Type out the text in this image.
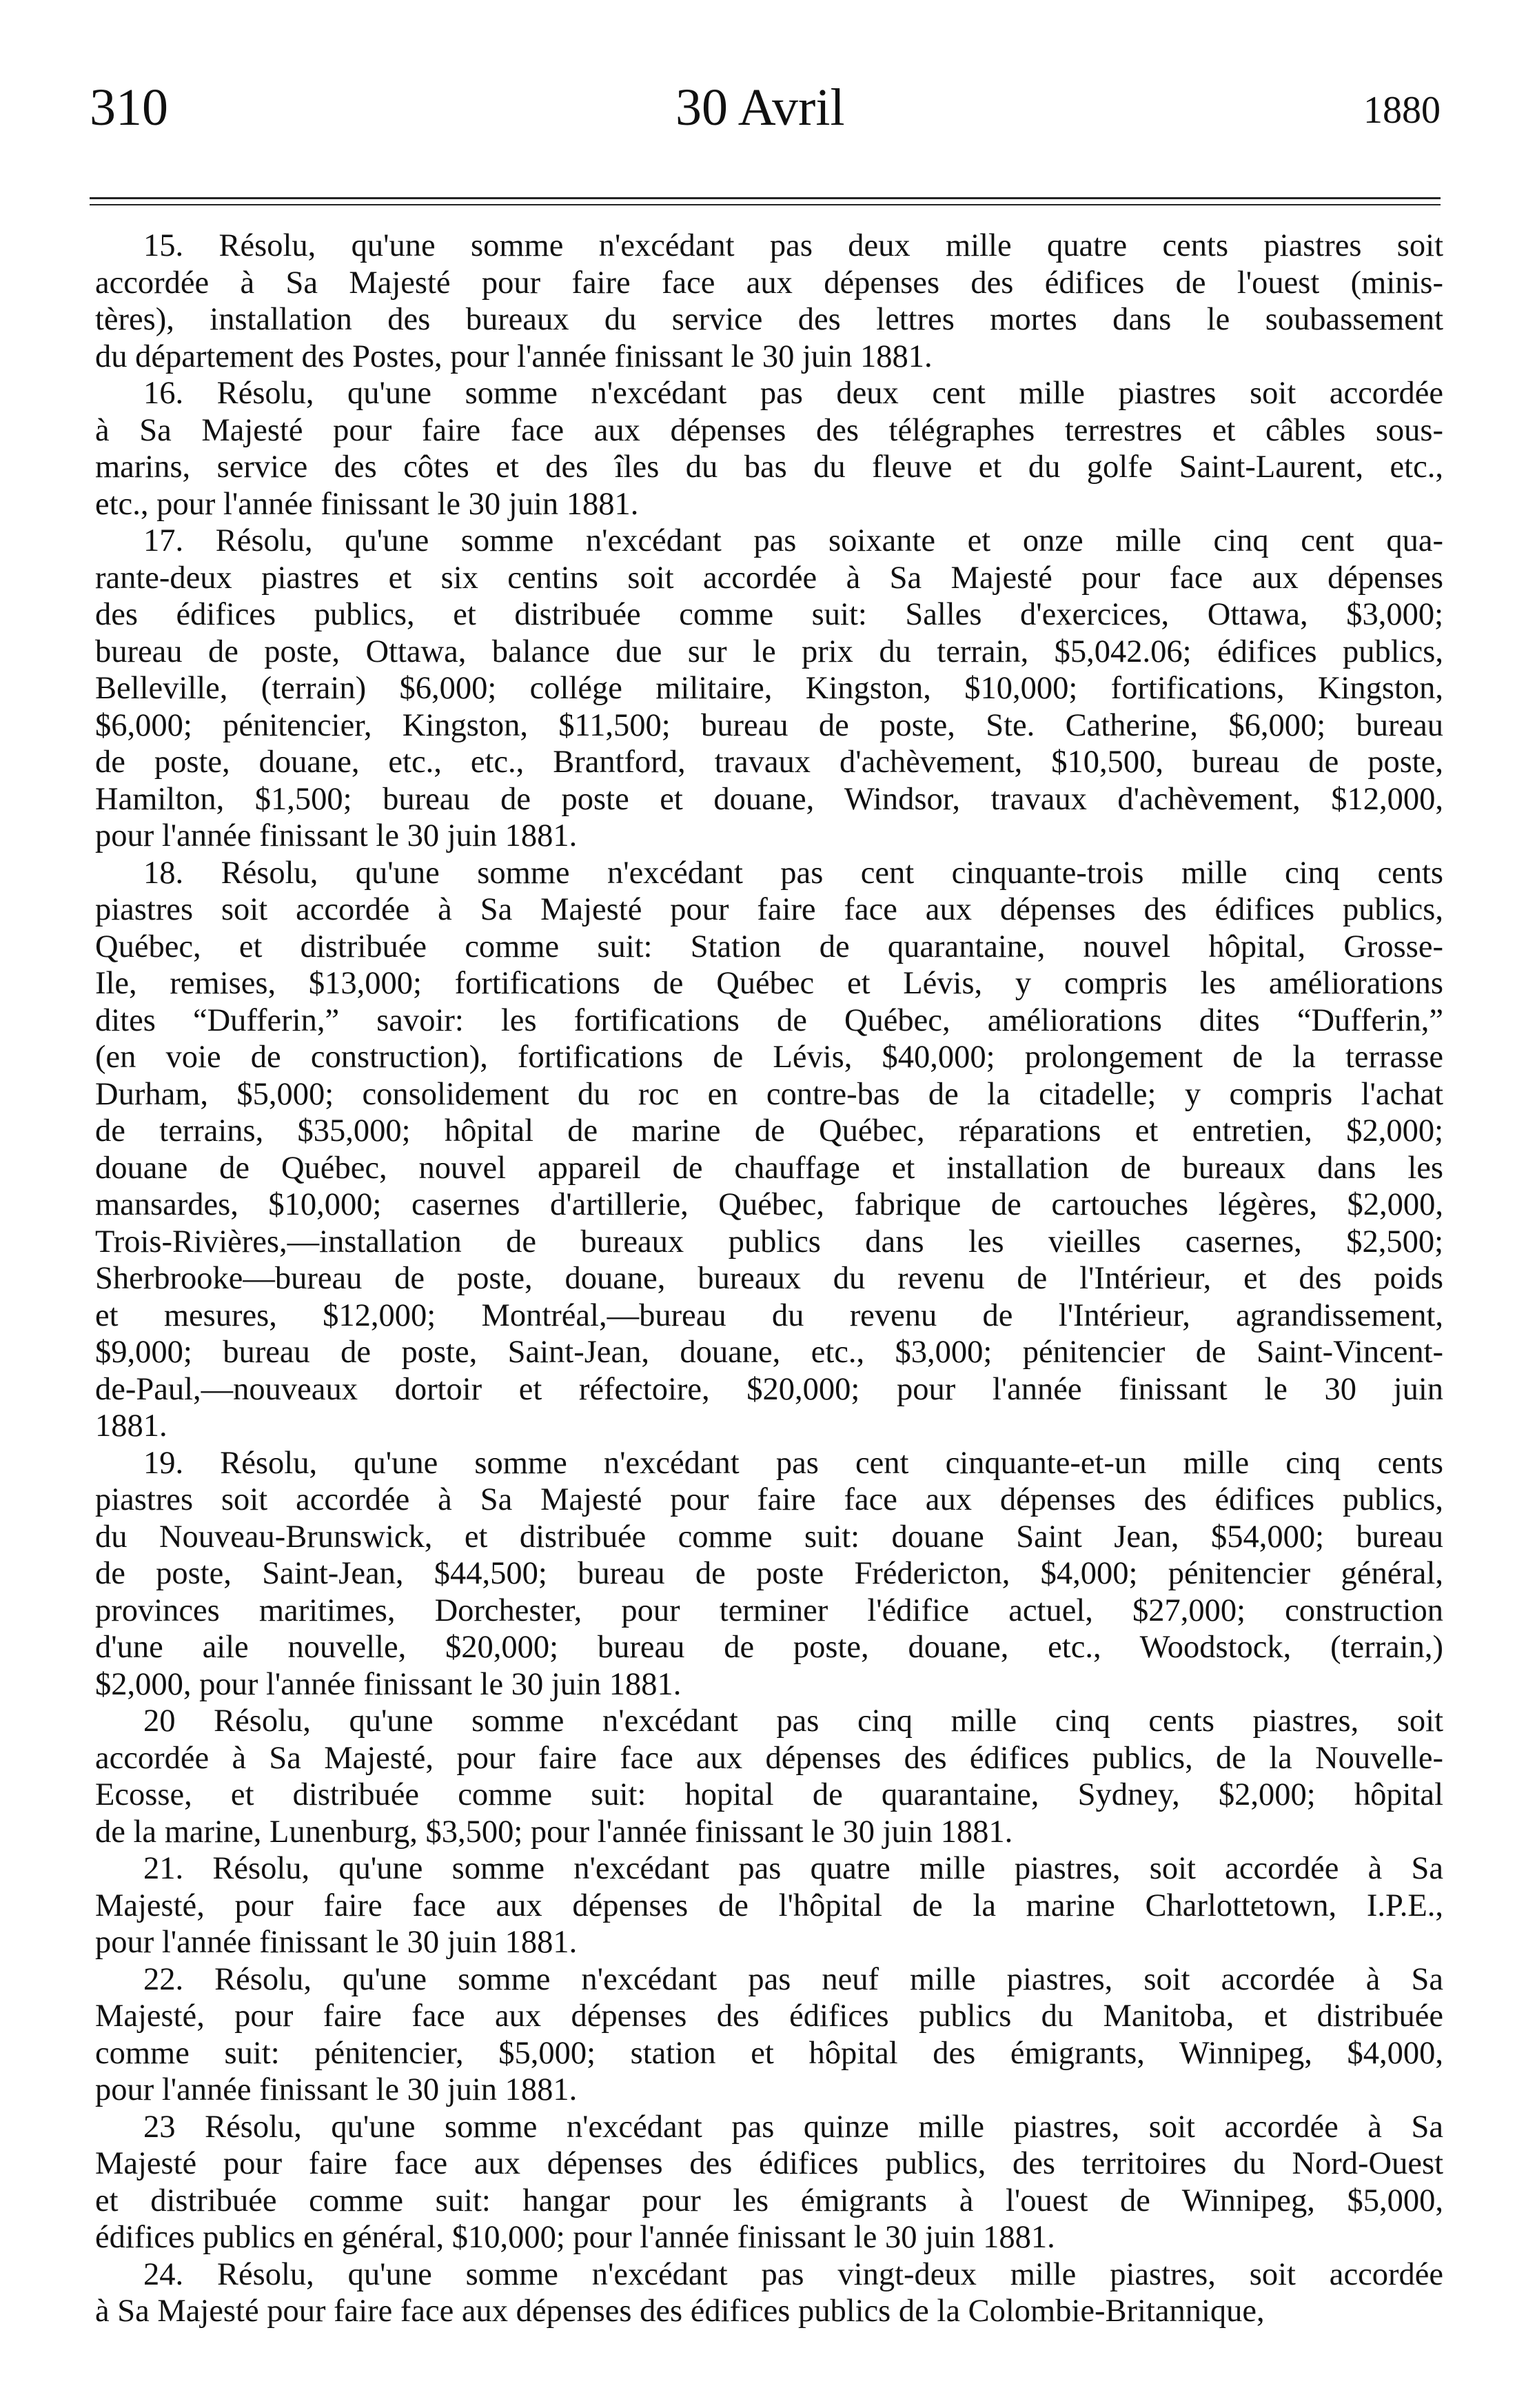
310	30 Avril	1880
15. Résolu, qu'une somme n'excédant pas deux mille quatre cents piastres soit
accordée à Sa Majesté pour faire face aux dépenses des édifices de l'ouest (minis-
tères), installation des bureaux du service des lettres mortes dans le soubassement
du département des Postes, pour l'année finissant le 30 juin 1881.
16. Résolu, qu'une somme n'excédant pas deux cent mille piastres soit accordée
à Sa Majesté pour faire face aux dépenses des télégraphes terrestres et câbles sous-
marins, service des côtes et des îles du bas du fleuve et du golfe Saint-Laurent, etc.,
etc., pour l'année finissant le 30 juin 1881.
17. Résolu, qu'une somme n'excédant pas soixante et onze mille cinq cent qua-
rante-deux piastres et six centins soit accordée à Sa Majesté pour face aux dépenses
des édifices publics, et distribuée comme suit: Salles d'exercices, Ottawa, $3,000;
bureau de poste, Ottawa, balance due sur le prix du terrain, $5,042.06; édifices publics,
Belleville, (terrain) $6,000; collége militaire, Kingston, $10,000; fortifications, Kingston,
$6,000; pénitencier, Kingston, $11,500; bureau de poste, Ste. Catherine, $6,000; bureau
de poste, douane, etc., etc., Brantford, travaux d'achèvement, $10,500, bureau de poste,
Hamilton, $1,500; bureau de poste et douane, Windsor, travaux d'achèvement, $12,000,
pour l'année finissant le 30 juin 1881.
18. Résolu, qu'une somme n'excédant pas cent cinquante-trois mille cinq cents
piastres soit accordée à Sa Majesté pour faire face aux dépenses des édifices publics,
Québec, et distribuée comme suit: Station de quarantaine, nouvel hôpital, Grosse-
Ile, remises, $13,000; fortifications de Québec et Lévis, y compris les améliorations
dites “Dufferin,” savoir: les fortifications de Québec, améliorations dites “Dufferin,”
(en voie de construction), fortifications de Lévis, $40,000; prolongement de la terrasse
Durham, $5,000; consolidement du roc en contre-bas de la citadelle; y compris l'achat
de terrains, $35,000; hôpital de marine de Québec, réparations et entretien, $2,000;
douane de Québec, nouvel appareil de chauffage et installation de bureaux dans les
mansardes, $10,000; casernes d'artillerie, Québec, fabrique de cartouches légères, $2,000,
Trois-Rivières,—installation de bureaux publics dans les vieilles casernes, $2,500;
Sherbrooke—bureau de poste, douane, bureaux du revenu de l'Intérieur, et des poids
et mesures, $12,000; Montréal,—bureau du revenu de l'Intérieur, agrandissement,
$9,000; bureau de poste, Saint-Jean, douane, etc., $3,000; pénitencier de Saint-Vincent-
de-Paul,—nouveaux dortoir et réfectoire, $20,000; pour l'année finissant le 30 juin
1881.
19. Résolu, qu'une somme n'excédant pas cent cinquante-et-un mille cinq cents
piastres soit accordée à Sa Majesté pour faire face aux dépenses des édifices publics,
du Nouveau-Brunswick, et distribuée comme suit: douane Saint Jean, $54,000; bureau
de poste, Saint-Jean, $44,500; bureau de poste Frédericton, $4,000; pénitencier général,
provinces maritimes, Dorchester, pour terminer l'édifice actuel, $27,000; construction
d'une aile nouvelle, $20,000; bureau de poste, douane, etc., Woodstock, (terrain,)
$2,000, pour l'année finissant le 30 juin 1881.
20 Résolu, qu'une somme n'excédant pas cinq mille cinq cents piastres, soit
accordée à Sa Majesté, pour faire face aux dépenses des édifices publics, de la Nouvelle-
Ecosse, et distribuée comme suit: hopital de quarantaine, Sydney, $2,000; hôpital
de la marine, Lunenburg, $3,500; pour l'année finissant le 30 juin 1881.
21. Résolu, qu'une somme n'excédant pas quatre mille piastres, soit accordée à Sa
Majesté, pour faire face aux dépenses de l'hôpital de la marine Charlottetown, I.P.E.,
pour l'année finissant le 30 juin 1881.
22. Résolu, qu'une somme n'excédant pas neuf mille piastres, soit accordée à Sa
Majesté, pour faire face aux dépenses des édifices publics du Manitoba, et distribuée
comme suit: pénitencier, $5,000; station et hôpital des émigrants, Winnipeg, $4,000,
pour l'année finissant le 30 juin 1881.
23 Résolu, qu'une somme n'excédant pas quinze mille piastres, soit accordée à Sa
Majesté pour faire face aux dépenses des édifices publics, des territoires du Nord-Ouest
et distribuée comme suit: hangar pour les émigrants à l'ouest de Winnipeg, $5,000,
édifices publics en général, $10,000; pour l'année finissant le 30 juin 1881.
24. Résolu, qu'une somme n'excédant pas vingt-deux mille piastres, soit accordée
à Sa Majesté pour faire face aux dépenses des édifices publics de la Colombie-Britannique,
